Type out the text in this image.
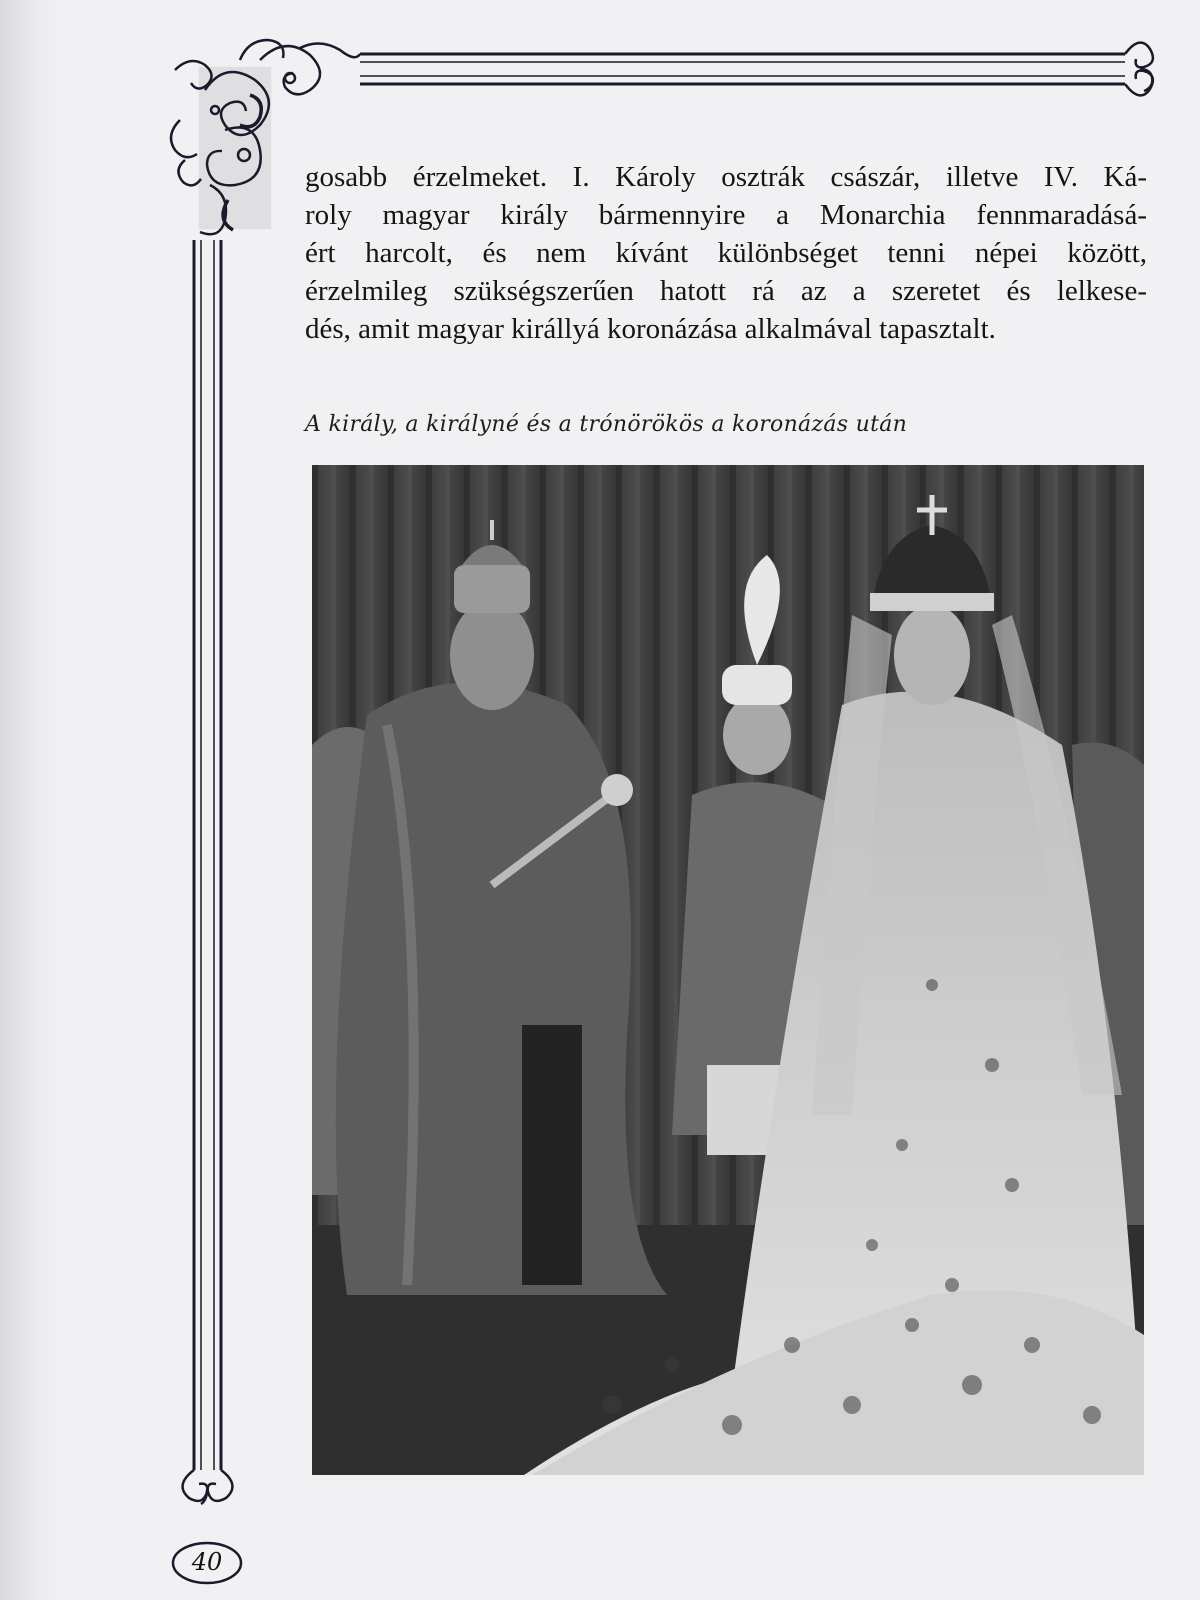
gosabb érzelmeket. I. Károly osztrák császár, illetve IV. Ká-
roly magyar király bármennyire a Monarchia fennmaradásá-
ért harcolt, és nem kívánt különbséget tenni népei között,
érzelmileg szükségszerűen hatott rá az a szeretet és lelkese-
dés, amit magyar királlyá koronázása alkalmával tapasztalt.

A király, a királyné és a trónörökös a koronázás után
40
